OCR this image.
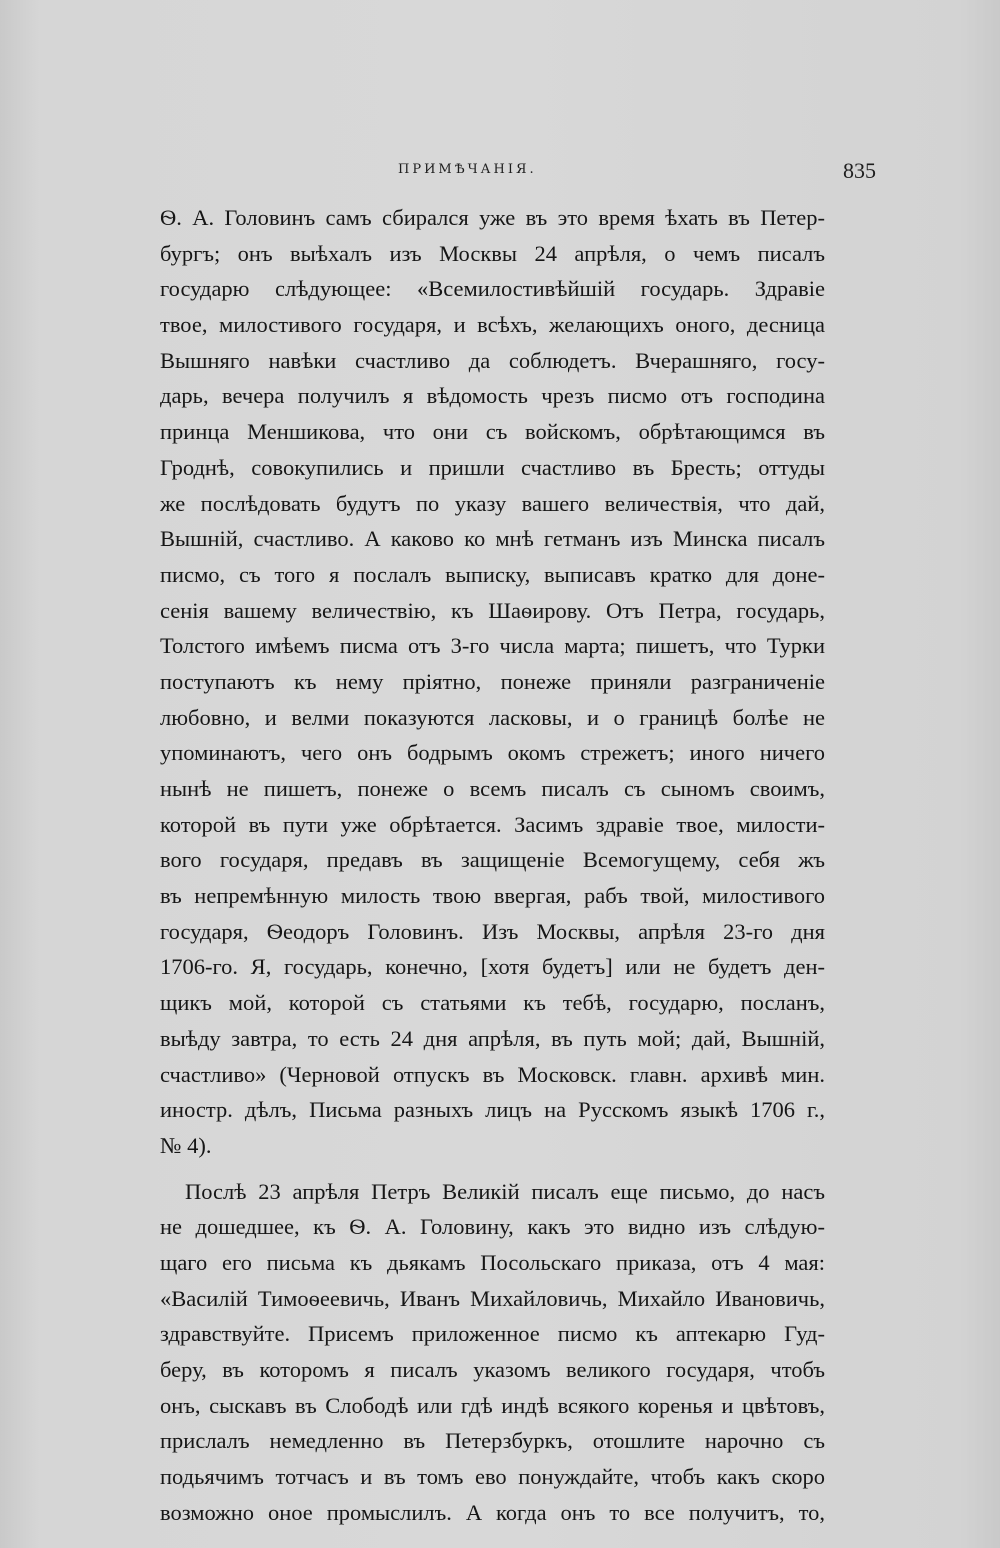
ПРИМѢЧАНІЯ.	835
Ѳ. А. Головинъ самъ сбирался уже въ это время ѣхать въ Петер-
бургъ; онъ выѣхалъ изъ Москвы 24 апрѣля, о чемъ писалъ
государю слѣдующее: «Всемилостивѣйшій государь. Здравіе
твое, милостивого государя, и всѣхъ, желающихъ оного, десница
Вышняго навѣки счастливо да соблюдетъ. Вчерашняго, госу-
дарь, вечера получилъ я вѣдомость чрезъ писмо отъ господина
принца Меншикова, что они съ войскомъ, обрѣтающимся въ
Гроднѣ, совокупились и пришли счастливо въ Бресть; оттуды
же послѣдовать будутъ по указу вашего величествія, что дай,
Вышній, счастливо. А каково ко мнѣ гетманъ изъ Минска писалъ
писмо, съ того я послалъ выписку, выписавъ кратко для доне-
сенія вашему величествію, къ Шаѳирову. Отъ Петра, государь,
Толстого имѣемъ писма отъ 3-го числа марта; пишетъ, что Турки
поступаютъ къ нему пріятно, понеже приняли разграниченіе
любовно, и велми показуются ласковы, и о границѣ болѣе не
упоминаютъ, чего онъ бодрымъ окомъ стрежетъ; иного ничего
нынѣ не пишетъ, понеже о всемъ писалъ съ сыномъ своимъ,
которой въ пути уже обрѣтается. Засимъ здравіе твое, милости-
вого государя, предавъ въ защищеніе Всемогущему, себя жъ
въ непремѣнную милость твою ввергая, рабъ твой, милостивого
государя, Ѳеодоръ Головинъ. Изъ Москвы, апрѣля 23-го дня
1706-го. Я, государь, конечно, [хотя будетъ] или не будетъ ден-
щикъ мой, которой съ статьями къ тебѣ, государю, посланъ,
выѣду завтра, то есть 24 дня апрѣля, въ путь мой; дай, Вышній,
счастливо» (Черновой отпускъ въ Московск. главн. архивѣ мин.
иностр. дѣлъ, Письма разныхъ лицъ на Русскомъ языкѣ 1706 г.,
№ 4).
Послѣ 23 апрѣля Петръ Великій писалъ еще письмо, до насъ
не дошедшее, къ Ѳ. А. Головину, какъ это видно изъ слѣдую-
щаго его письма къ дьякамъ Посольскаго приказа, отъ 4 мая:
«Василій Тимоѳеевичь, Иванъ Михайловичь, Михайло Ивановичь,
здравствуйте. Присемъ приложенное писмо къ аптекарю Гуд-
беру, въ которомъ я писалъ указомъ великого государя, чтобъ
онъ, сыскавъ въ Слободѣ или гдѣ индѣ всякого коренья и цвѣтовъ,
прислалъ немедленно въ Петерзбуркъ, отошлите нарочно съ
подьячимъ тотчасъ и въ томъ ево понуждайте, чтобъ какъ скоро
возможно оное промыслилъ. А когда онъ то все получитъ, то,
